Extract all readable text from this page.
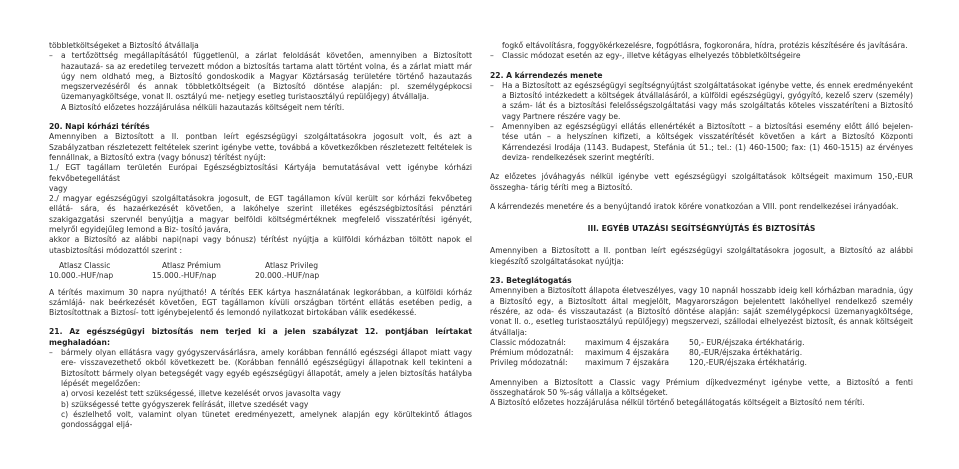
többletköltségeket a Biztosító átvállalja

– a tertőzöttség megállapításától függetlenül, a zárlat feloldását követően, amennyiben a Biztosított hazautazá- sa az eredetileg tervezett módon a biztosítás tartama alatt történt volna, és a zárlat miatt már úgy nem oldható meg, a Biztosító gondoskodik a Magyar Köztársaság területére történő hazautazás megszervezéséről és annak többletköltségeit (a Biztosító döntése alapján: pl. személygépkocsi üzemanyagköltsége, vonat II. osztályú me- netjegy esetleg turistaosztályú repülőjegy) átvállalja.

A Biztosító előzetes hozzájárulása nélküli hazautazás költségeit nem téríti.

20. Napi kórházi térítés

Amennyiben a Biztosított a II. pontban leírt egészségügyi szolgáltatásokra jogosult volt, és azt a Szabályzatban részletezett feltételek szerint igénybe vette, továbbá a következőkben részletezett feltételek is fennállnak, a Biztosító extra (vagy bónusz) térítést nyújt:

1./ EGT tagállam területén Európai Egészségbiztosítási Kártyája bemutatásával vett igénybe kórházi fekvőbetegellátást

vagy

2./ magyar egészségügyi szolgáltatásokra jogosult, de EGT tagállamon kívül került sor kórházi fekvőbeteg ellátá- sára, és hazaérkezését követően, a lakóhelye szerint illetékes egészségbiztosítási pénztári szakigazgatási szervnél benyújtja a magyar belföldi költségmértéknek megfelelő visszatérítési igényét, melyről egyidejűleg lemond a Biz- tosító javára,

akkor a Biztosító az alábbi napi(napi vagy bónusz) térítést nyújtja a külföldi kórházban töltött napok el utasbiztosítási módozattól szerint :

Atlasz Classic	Atlasz Prémium	Atlasz Privileg
10.000.-HUF/nap	15.000.-HUF/nap	20.000.-HUF/nap

A térítés maximum 30 napra nyújtható! A térítés EEK kártya használatának legkorábban, a külföldi kórház számlájá- nak beérkezését követően, EGT tagállamon kívüli országban történt ellátás esetében pedig, a Biztosítottnak a Biztosí- tott igénybejelentő és lemondó nyilatkozat birtokában válik esedékessé.

21. Az egészségügyi biztosítás nem terjed ki a jelen szabályzat 12. pontjában leírtakat meghaladóan:

– bármely olyan ellátásra vagy gyógyszervásárlásra, amely korábban fennálló egészségi állapot miatt vagy ere- visszavezethető okból következett be. (Korábban fennálló egészségügyi állapotnak kell tekinteni a Biztosított bármely olyan betegségét vagy egyéb egészségügyi állapotát, amely a jelen biztosítás hatályba lépését megelőzően:

a) orvosi kezelést tett szükségessé, illetve kezelését orvos javasolta vagy

b) szükségessé tette gyógyszerek felírását, illetve szedését vagy

c) észlelhető volt, valamint olyan tünetet eredményezett, amelynek alapján egy körültekintő átlagos gondossággal eljá-

fogkő eltávolításra, foggyökérkezelésre, fogpótlásra, fogkoronára, hídra, protézis készítésére és javítására.

– Classic módozat esetén az egy-, illetve kétágyas elhelyezés többletköltségeire

22. A kárrendezés menete

– Ha a Biztosított az egészségügyi segítségnyújtást szolgáltatásokat igénybe vette, és ennek eredményeként a Biztosító intézkedett a költségek átvállalásáról, a külföldi egészségügyi, gyógyító, kezelő szerv (személy) a szám- lát és a biztosítási felelősségszolgáltatási vagy más szolgáltatás köteles visszatéríteni a Biztosító vagy Partnere részére vagy be.

– Amennyiben az egészségügyi ellátás ellenértékét a Biztosított – a biztosítási esemény előtt álló bejelen- tése után – a helyszínen kifizeti, a költségek visszatérítését követően a kárt a Biztosító Központi Kárrendezési Irodája (1143. Budapest, Stefánia út 51.; tel.: (1) 460-1500; fax: (1) 460-1515) az érvényes deviza- rendelkezések szerint megtéríti.

Az előzetes jóváhagyás nélkül igénybe vett egészségügyi szolgáltatások költségeit maximum 150,-EUR összegha- tárig téríti meg a Biztosító.

A kárrendezés menetére és a benyújtandó iratok körére vonatkozóan a VIII. pont rendelkezései irányadóak.

III. EGYÉB UTAZÁSI SEGÍTSÉGNYÚJTÁS ÉS BIZTOSÍTÁS

Amennyiben a Biztosított a II. pontban leírt egészségügyi szolgáltatásokra jogosult, a Biztosító az alábbi kiegészítő szolgáltatásokat nyújtja:

23. Beteglátogatás

Amennyiben a Biztosított állapota életveszélyes, vagy 10 napnál hosszabb ideig kell kórházban maradnia, úgy a Biztosító egy, a Biztosított által megjelölt, Magyarországon bejelentett lakóhellyel rendelkező személy részére, az oda- és visszautazást (a Biztosító döntése alapján: saját személygépkocsi üzemanyagköltsége, vonat II. o., esetleg turistaosztályú repülőjegy) megszervezi, szállodai elhelyezést biztosít, és annak költségeit átvállalja:

Classic módozatnál:	maximum 4 éjszakára	50,- EUR/éjszaka értékhatárig.
Prémium módozatnál:	maximum 4 éjszakára	80,-EUR/éjszaka értékhatárig.
Privileg módozatnál:	maximum 7 éjszakára	120,-EUR/éjszaka értékhatárig.

Amennyiben a Biztosított a Classic vagy Prémium díjkedvezményt igénybe vette, a Biztosító a fenti összeghatárok 50 %-ság vállalja a költségeket.

A Biztosító előzetes hozzájárulása nélkül történő betegállátogatás költségeit a Biztosító nem téríti.
